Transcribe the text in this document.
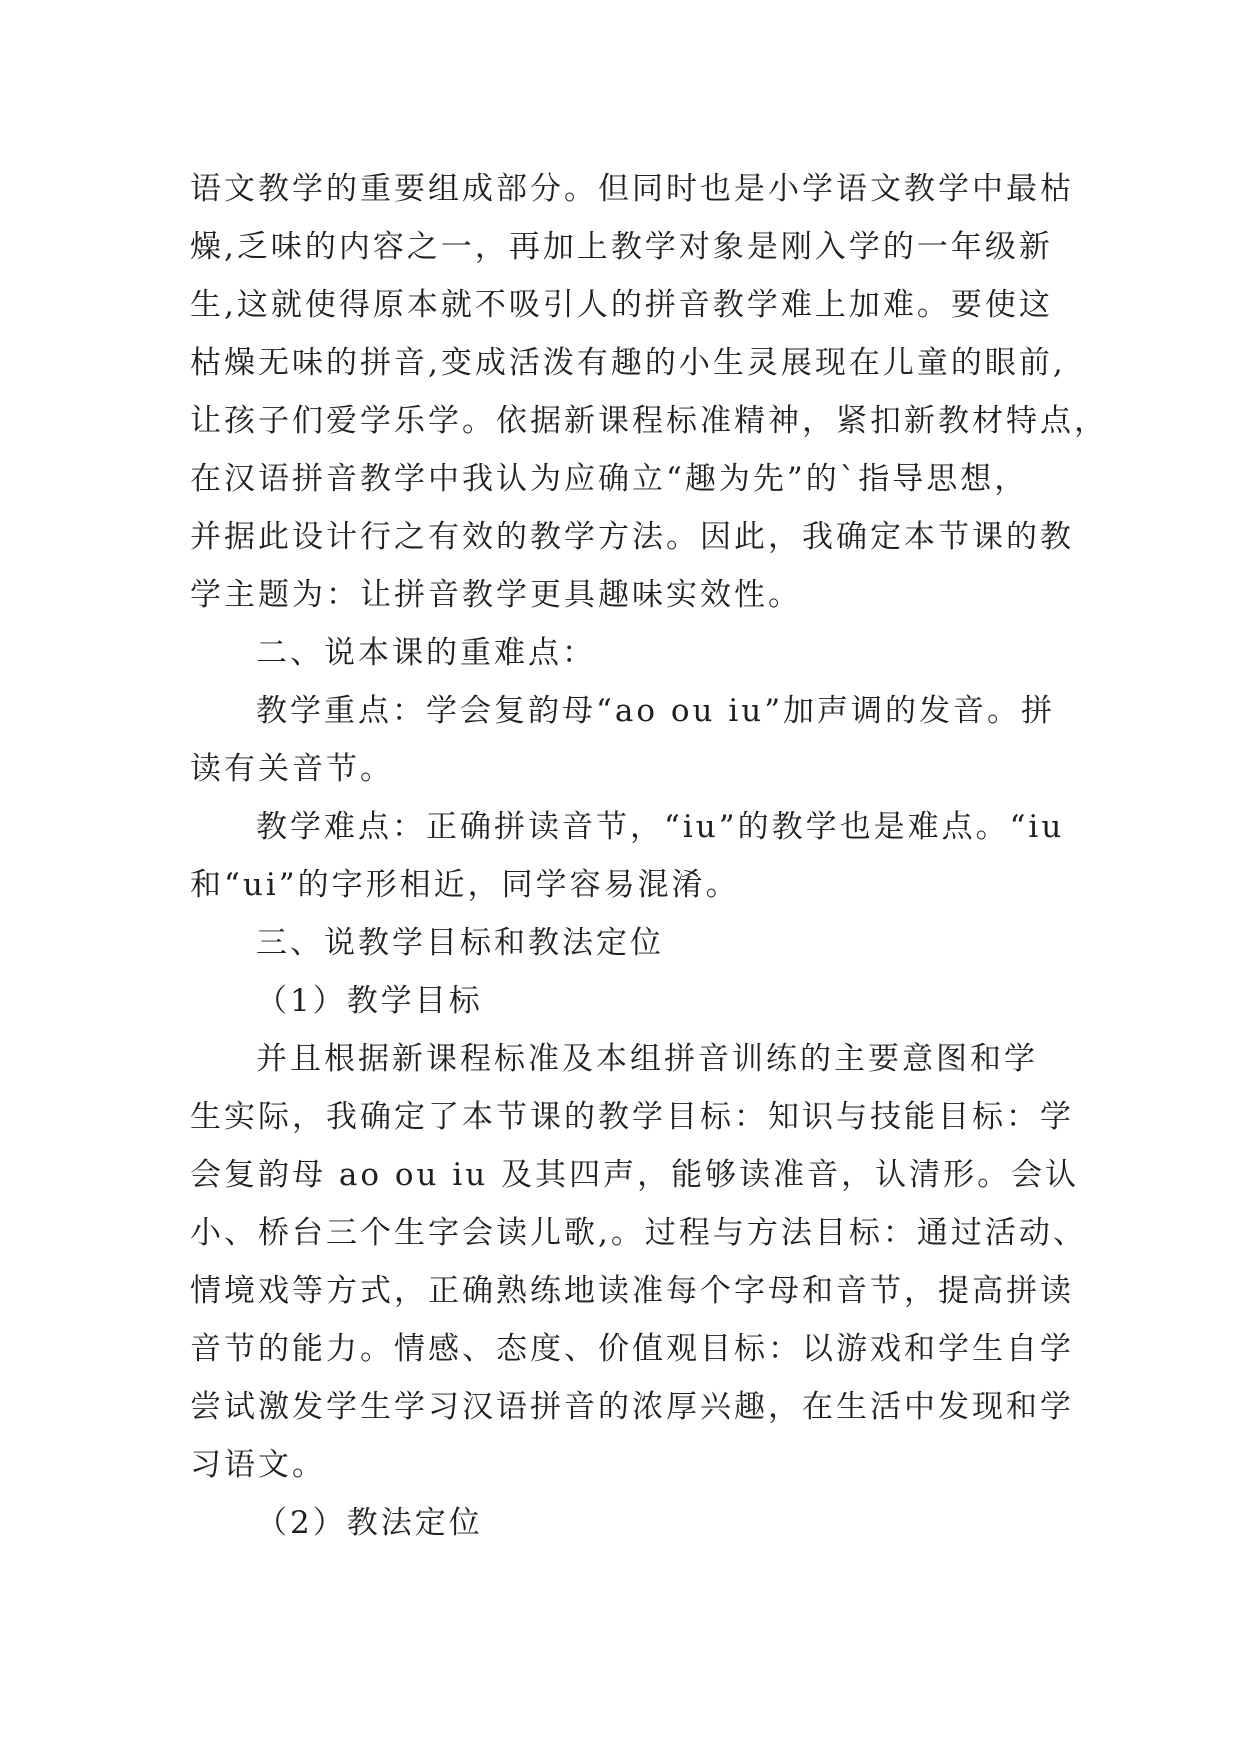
语文教学的重要组成部分。但同时也是小学语文教学中最枯
燥,乏味的内容之一，再加上教学对象是刚入学的一年级新
生,这就使得原本就不吸引人的拼音教学难上加难。要使这
枯燥无味的拼音,变成活泼有趣的小生灵展现在儿童的眼前,
让孩子们爱学乐学。依据新课程标准精神，紧扣新教材特点，
在汉语拼音教学中我认为应确立“趣为先”的`指导思想，
并据此设计行之有效的教学方法。因此，我确定本节课的教
学主题为：让拼音教学更具趣味实效性。
二、说本课的重难点：
教学重点：学会复韵母“ao ou iu”加声调的发音。拼
读有关音节。
教学难点：正确拼读音节，“iu”的教学也是难点。“iu
和“ui”的字形相近，同学容易混淆。
三、说教学目标和教法定位
（1）教学目标
并且根据新课程标准及本组拼音训练的主要意图和学
生实际，我确定了本节课的教学目标：知识与技能目标：学
会复韵母 ao ou iu 及其四声，能够读准音，认清形。会认
小、桥台三个生字会读儿歌,。过程与方法目标：通过活动、
情境戏等方式，正确熟练地读准每个字母和音节，提高拼读
音节的能力。情感、态度、价值观目标：以游戏和学生自学
尝试激发学生学习汉语拼音的浓厚兴趣，在生活中发现和学
习语文。
（2）教法定位
